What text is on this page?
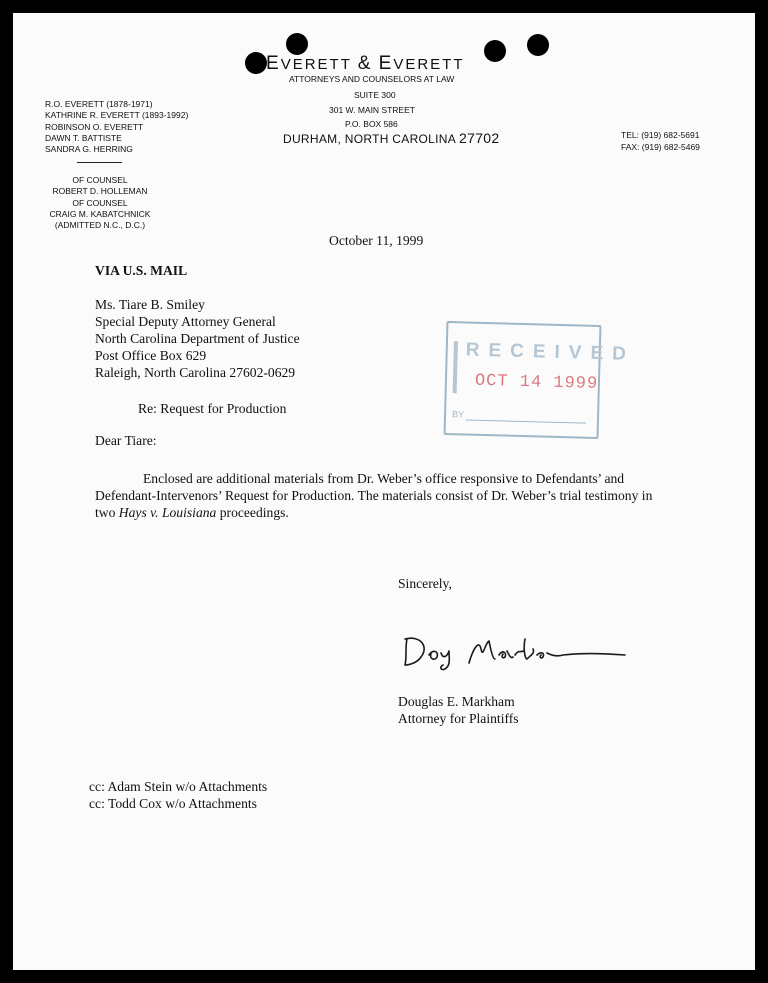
EVERETT & EVERETT
ATTORNEYS AND COUNSELORS AT LAW
SUITE 300
301 W. MAIN STREET
P.O. BOX 586
DURHAM, NORTH CAROLINA 27702
R.O. EVERETT (1878-1971)
KATHRINE R. EVERETT (1893-1992)
ROBINSON O. EVERETT
DAWN T. BATTISTE
SANDRA G. HERRING
OF COUNSEL
ROBERT D. HOLLEMAN
OF COUNSEL
CRAIG M. KABATCHNICK
(ADMITTED N.C., D.C.)
TEL: (919) 682-5691
FAX: (919) 682-5469
October 11, 1999
VIA U.S. MAIL
Ms. Tiare B. Smiley
Special Deputy Attorney General
North Carolina Department of Justice
Post Office Box 629
Raleigh, North Carolina 27602-0629
RECEIVED
OCT 14 1999
BY
Re: Request for Production
Dear Tiare:
Enclosed are additional materials from Dr. Weber’s office responsive to Defendants’ and Defendant-Intervenors’ Request for Production. The materials consist of Dr. Weber’s trial testimony in two Hays v. Louisiana proceedings.
Sincerely,
Douglas E. Markham
Attorney for Plaintiffs
cc: Adam Stein w/o Attachments
cc: Todd Cox w/o Attachments
